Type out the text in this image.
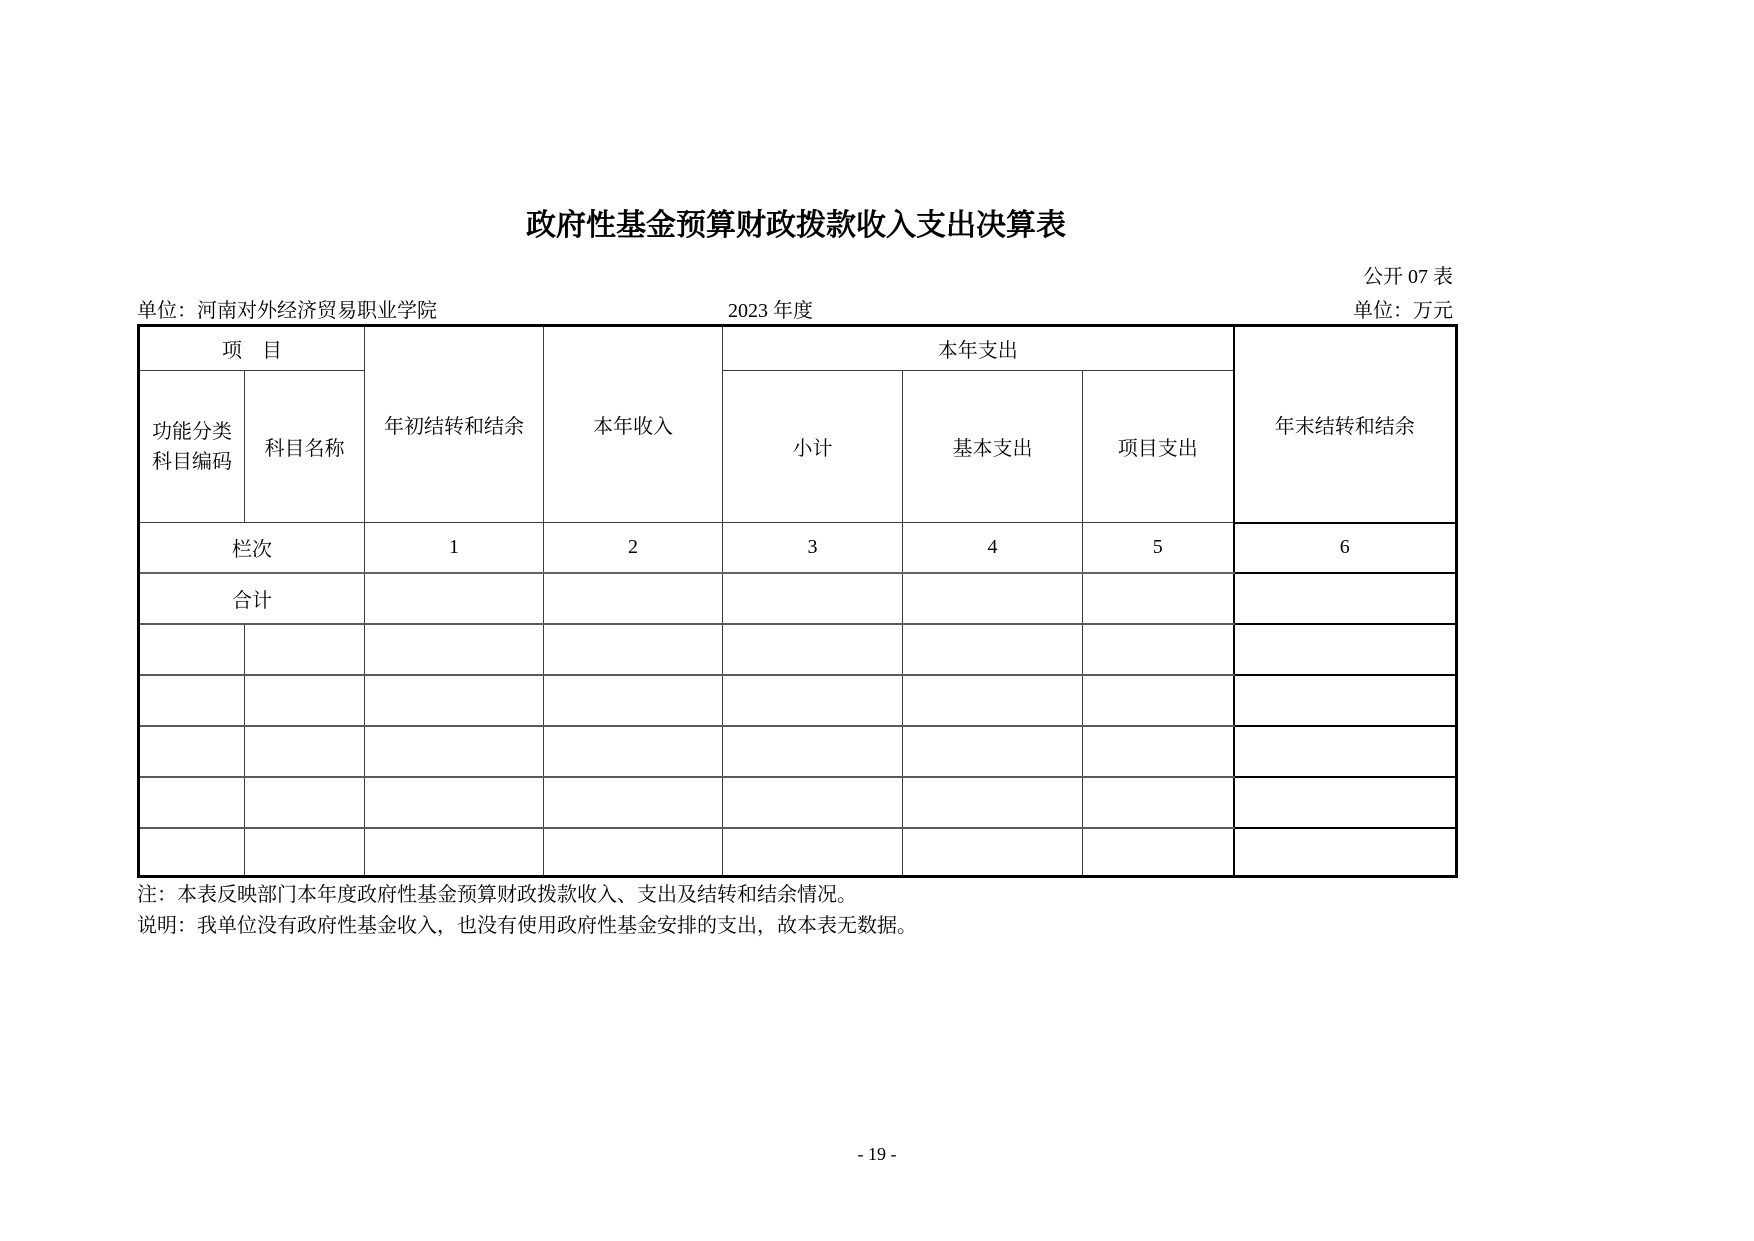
政府性基金预算财政拨款收入支出决算表
公开 07 表
单位：河南对外经济贸易职业学院	2023 年度	单位：万元
项　目		年初结转和结余	本年收入	本年支出			年末结转和结余

功能分类
科目编码	科目名称			小计	基本支出	项目支出	
栏次		1	2	3	4	5	6
合计							

注：本表反映部门本年度政府性基金预算财政拨款收入、支出及结转和结余情况。
说明：我单位没有政府性基金收入，也没有使用政府性基金安排的支出，故本表无数据。
- 19 -
